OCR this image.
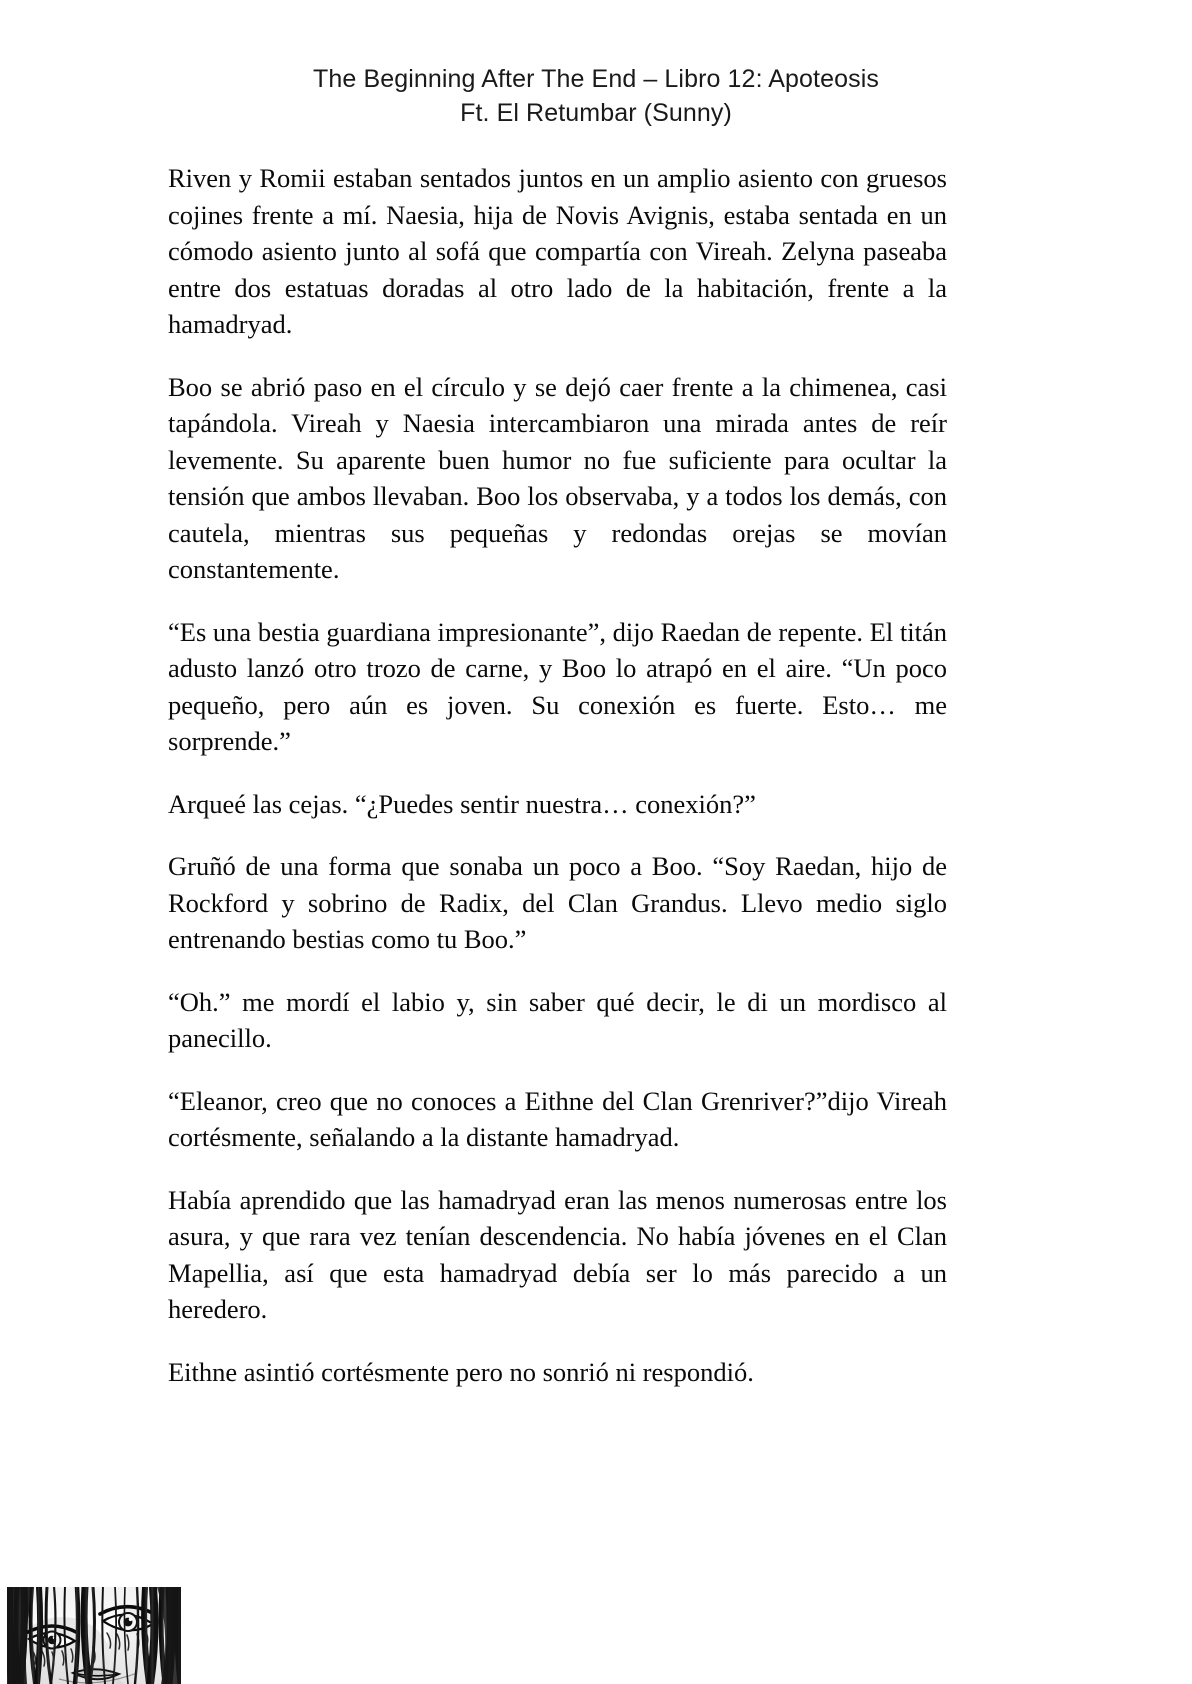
The Beginning After The End – Libro 12: Apoteosis
Ft. El Retumbar (Sunny)

Riven y Romii estaban sentados juntos en un amplio asiento con gruesos cojines frente a mí. Naesia, hija de Novis Avignis, estaba sentada en un cómodo asiento junto al sofá que compartía con Vireah. Zelyna paseaba entre dos estatuas doradas al otro lado de la habitación, frente a la hamadryad.

Boo se abrió paso en el círculo y se dejó caer frente a la chimenea, casi tapándola. Vireah y Naesia intercambiaron una mirada antes de reír levemente. Su aparente buen humor no fue suficiente para ocultar la tensión que ambos llevaban. Boo los observaba, y a todos los demás, con cautela, mientras sus pequeñas y redondas orejas se movían constantemente.

“Es una bestia guardiana impresionante”, dijo Raedan de repente. El titán adusto lanzó otro trozo de carne, y Boo lo atrapó en el aire. “Un poco pequeño, pero aún es joven. Su conexión es fuerte. Esto… me sorprende.”

Arqueé las cejas. “¿Puedes sentir nuestra… conexión?”

Gruñó de una forma que sonaba un poco a Boo. “Soy Raedan, hijo de Rockford y sobrino de Radix, del Clan Grandus. Llevo medio siglo entrenando bestias como tu Boo.”

“Oh.” me mordí el labio y, sin saber qué decir, le di un mordisco al panecillo.

“Eleanor, creo que no conoces a Eithne del Clan Grenriver?”dijo Vireah cortésmente, señalando a la distante hamadryad.

Había aprendido que las hamadryad eran las menos numerosas entre los asura, y que rara vez tenían descendencia. No había jóvenes en el Clan Mapellia, así que esta hamadryad debía ser lo más parecido a un heredero.

Eithne asintió cortésmente pero no sonrió ni respondió.
